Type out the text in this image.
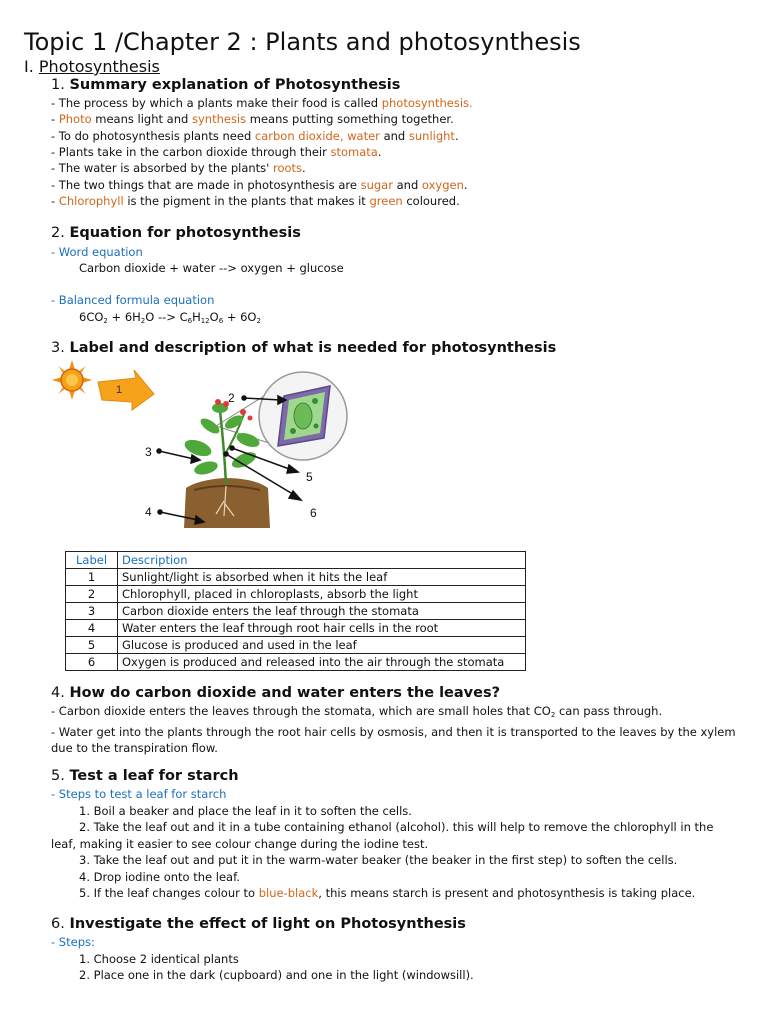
Topic 1 /Chapter 2 : Plants and photosynthesis
I. Photosynthesis
1. Summary explanation of Photosynthesis
- The process by which a plants make their food is called photosynthesis.
- Photo means light and synthesis means putting something together.
- To do photosynthesis plants need carbon dioxide, water and sunlight.
- Plants take in the carbon dioxide through their stomata.
- The water is absorbed by the plants' roots.
- The two things that are made in photosynthesis are sugar and oxygen.
- Chlorophyll is the pigment in the plants that makes it green coloured.
2. Equation for photosynthesis
- Word equation
Carbon dioxide + water --> oxygen + glucose
- Balanced formula equation
$6CO_2 + 6H_2O$ --> $C_6H_{12}O_6 + 6O_2$
3. Label and description of what is needed for photosynthesis
1
2
3
4
5
6
Label	Description
1	Sunlight/light is absorbed when it hits the leaf
2	Chlorophyll, placed in chloroplasts, absorb the light
3	Carbon dioxide enters the leaf through the stomata
4	Water enters the leaf through root hair cells in the root
5	Glucose is produced and used in the leaf
6	Oxygen is produced and released into the air through the stomata
4. How do carbon dioxide and water enters the leaves?
- Carbon dioxide enters the leaves through the stomata, which are small holes that $CO_2$ can pass through.
- Water get into the plants through the root hair cells by osmosis, and then it is transported to the leaves by the xylem due to the transpiration flow.
5. Test a leaf for starch
- Steps to test a leaf for starch
1. Boil a beaker and place the leaf in it to soften the cells.
2. Take the leaf out and it in a tube containing ethanol (alcohol). this will help to remove the chlorophyll in the leaf, making it easier to see colour change during the iodine test.
3. Take the leaf out and put it in the warm-water beaker (the beaker in the first step) to soften the cells.
4. Drop iodine onto the leaf.
5. If the leaf changes colour to blue-black, this means starch is present and photosynthesis is taking place.
6. Investigate the effect of light on Photosynthesis
- Steps:
1. Choose 2 identical plants
2. Place one in the dark (cupboard) and one in the light (windowsill).
